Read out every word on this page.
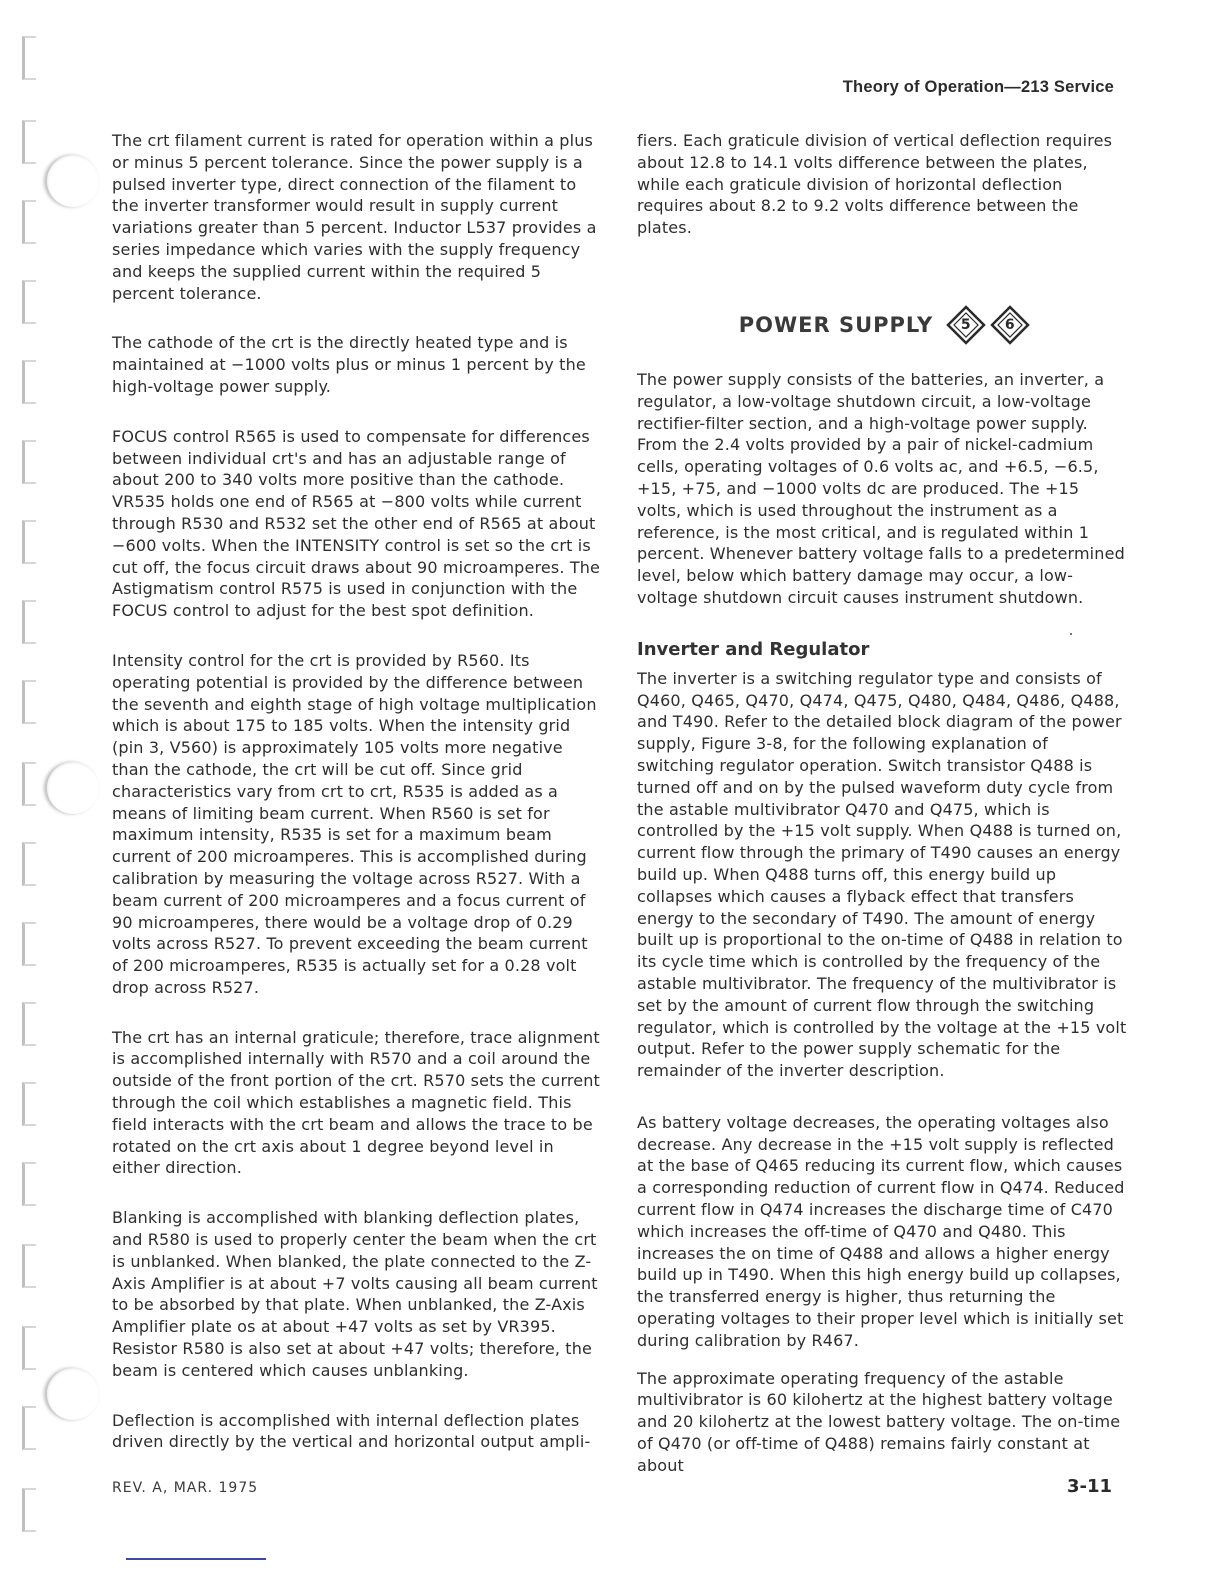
Theory of Operation—213 Service

The crt filament current is rated for operation within a plus or minus 5 percent tolerance. Since the power supply is a pulsed inverter type, direct connection of the filament to the inverter transformer would result in supply current variations greater than 5 percent. Inductor L537 provides a series impedance which varies with the supply frequency and keeps the supplied current within the required 5 percent tolerance.

The cathode of the crt is the directly heated type and is maintained at −1000 volts plus or minus 1 percent by the high-voltage power supply.

FOCUS control R565 is used to compensate for differences between individual crt's and has an adjustable range of about 200 to 340 volts more positive than the cathode. VR535 holds one end of R565 at −800 volts while current through R530 and R532 set the other end of R565 at about −600 volts. When the INTENSITY control is set so the crt is cut off, the focus circuit draws about 90 microamperes. The Astigmatism control R575 is used in conjunction with the FOCUS control to adjust for the best spot definition.

Intensity control for the crt is provided by R560. Its operating potential is provided by the difference between the seventh and eighth stage of high voltage multiplication which is about 175 to 185 volts. When the intensity grid (pin 3, V560) is approximately 105 volts more negative than the cathode, the crt will be cut off. Since grid characteristics vary from crt to crt, R535 is added as a means of limiting beam current. When R560 is set for maximum intensity, R535 is set for a maximum beam current of 200 microamperes. This is accomplished during calibration by measuring the voltage across R527. With a beam current of 200 microamperes and a focus current of 90 microamperes, there would be a voltage drop of 0.29 volts across R527. To prevent exceeding the beam current of 200 microamperes, R535 is actually set for a 0.28 volt drop across R527.

The crt has an internal graticule; therefore, trace alignment is accomplished internally with R570 and a coil around the outside of the front portion of the crt. R570 sets the current through the coil which establishes a magnetic field. This field interacts with the crt beam and allows the trace to be rotated on the crt axis about 1 degree beyond level in either direction.

Blanking is accomplished with blanking deflection plates, and R580 is used to properly center the beam when the crt is unblanked. When blanked, the plate connected to the Z-Axis Amplifier is at about +7 volts causing all beam current to be absorbed by that plate. When unblanked, the Z-Axis Amplifier plate os at about +47 volts as set by VR395. Resistor R580 is also set at about +47 volts; therefore, the beam is centered which causes unblanking.

Deflection is accomplished with internal deflection plates driven directly by the vertical and horizontal output ampli-

fiers. Each graticule division of vertical deflection requires about 12.8 to 14.1 volts difference between the plates, while each graticule division of horizontal deflection requires about 8.2 to 9.2 volts difference between the plates.

POWER SUPPLY	5	6

The power supply consists of the batteries, an inverter, a regulator, a low-voltage shutdown circuit, a low-voltage rectifier-filter section, and a high-voltage power supply. From the 2.4 volts provided by a pair of nickel-cadmium cells, operating voltages of 0.6 volts ac, and +6.5, −6.5, +15, +75, and −1000 volts dc are produced. The +15 volts, which is used throughout the instrument as a reference, is the most critical, and is regulated within 1 percent. Whenever battery voltage falls to a predetermined level, below which battery damage may occur, a low-voltage shutdown circuit causes instrument shutdown.

Inverter and Regulator

The inverter is a switching regulator type and consists of Q460, Q465, Q470, Q474, Q475, Q480, Q484, Q486, Q488, and T490. Refer to the detailed block diagram of the power supply, Figure 3-8, for the following explanation of switching regulator operation. Switch transistor Q488 is turned off and on by the pulsed waveform duty cycle from the astable multivibrator Q470 and Q475, which is controlled by the +15 volt supply. When Q488 is turned on, current flow through the primary of T490 causes an energy build up. When Q488 turns off, this energy build up collapses which causes a flyback effect that transfers energy to the secondary of T490. The amount of energy built up is proportional to the on-time of Q488 in relation to its cycle time which is controlled by the frequency of the astable multivibrator. The frequency of the multivibrator is set by the amount of current flow through the switching regulator, which is controlled by the voltage at the +15 volt output. Refer to the power supply schematic for the remainder of the inverter description.

As battery voltage decreases, the operating voltages also decrease. Any decrease in the +15 volt supply is reflected at the base of Q465 reducing its current flow, which causes a corresponding reduction of current flow in Q474. Reduced current flow in Q474 increases the discharge time of C470 which increases the off-time of Q470 and Q480. This increases the on time of Q488 and allows a higher energy build up in T490. When this high energy build up collapses, the transferred energy is higher, thus returning the operating voltages to their proper level which is initially set during calibration by R467.

The approximate operating frequency of the astable multivibrator is 60 kilohertz at the highest battery voltage and 20 kilohertz at the lowest battery voltage. The on-time of Q470 (or off-time of Q488) remains fairly constant at about

REV. A, MAR. 1975	3-11
